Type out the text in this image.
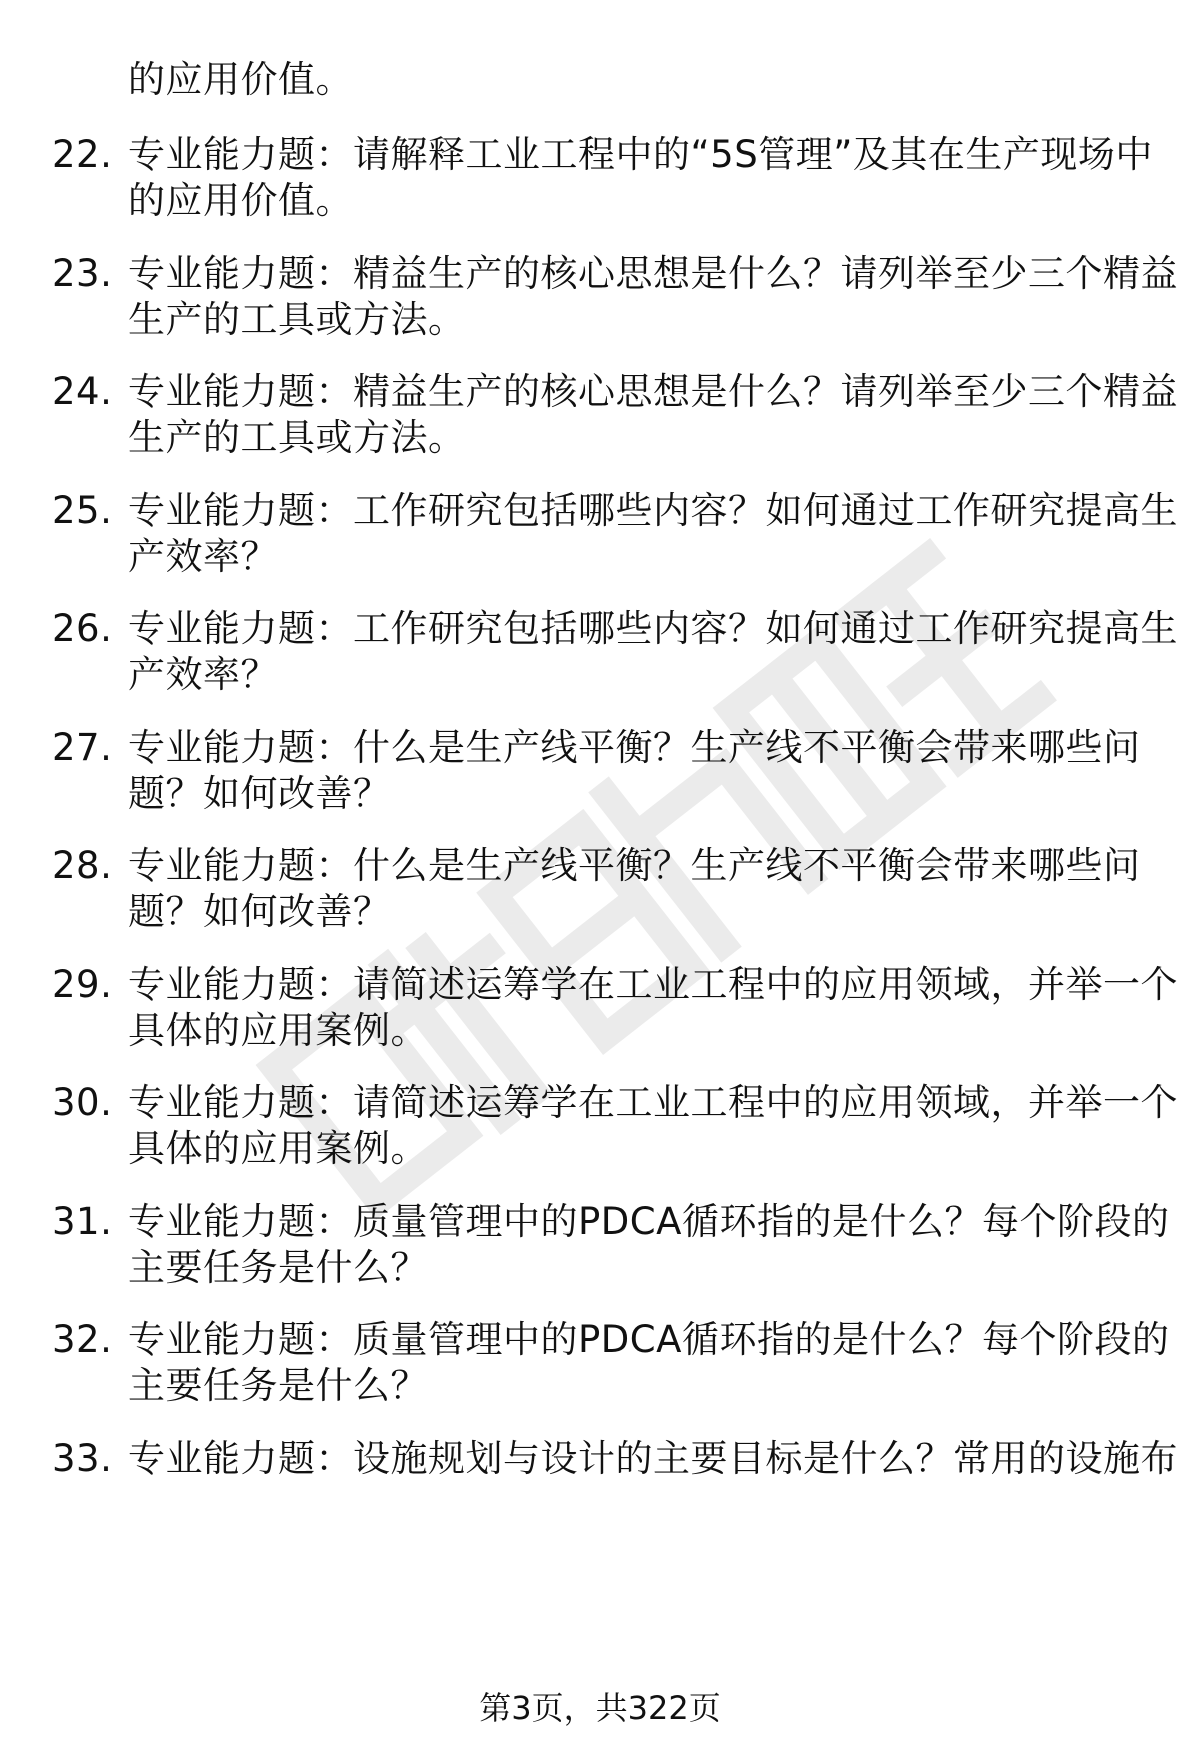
的应用价值。
22. 专业能力题：请解释工业工程中的“5S管理”及其在生产现场中
的应用价值。
23. 专业能力题：精益生产的核心思想是什么？请列举至少三个精益
生产的工具或方法。
24. 专业能力题：精益生产的核心思想是什么？请列举至少三个精益
生产的工具或方法。
25. 专业能力题：工作研究包括哪些内容？如何通过工作研究提高生
产效率？
26. 专业能力题：工作研究包括哪些内容？如何通过工作研究提高生
产效率？
27. 专业能力题：什么是生产线平衡？生产线不平衡会带来哪些问
题？如何改善？
28. 专业能力题：什么是生产线平衡？生产线不平衡会带来哪些问
题？如何改善？
29. 专业能力题：请简述运筹学在工业工程中的应用领域，并举一个
具体的应用案例。
30. 专业能力题：请简述运筹学在工业工程中的应用领域，并举一个
具体的应用案例。
31. 专业能力题：质量管理中的PDCA循环指的是什么？每个阶段的
主要任务是什么？
32. 专业能力题：质量管理中的PDCA循环指的是什么？每个阶段的
主要任务是什么？
33. 专业能力题：设施规划与设计的主要目标是什么？常用的设施布
第3页，共322页
